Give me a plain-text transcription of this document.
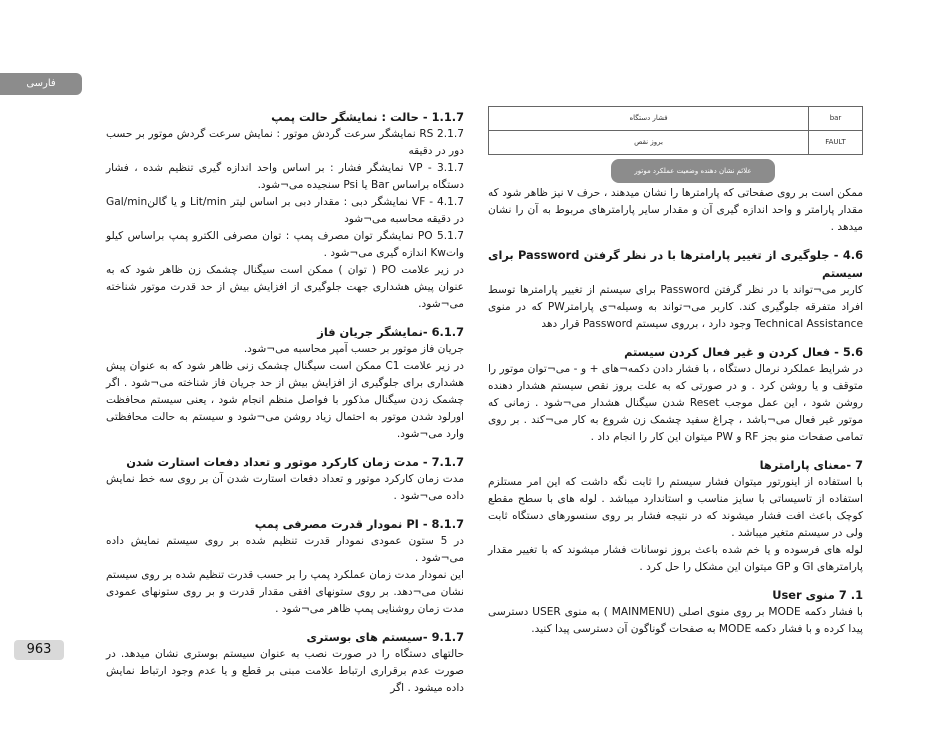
فارسی
1.1.7 - حالت : نمایشگر حالت پمپ

RS 2.1.7 نمایشگر سرعت گردش موتور : نمایش سرعت گردش موتور بر حسب دور در دقیقه

VP - 3.1.7 نمایشگر فشار : بر اساس واحد اندازه گیری تنظیم شده ، فشار دستگاه براساس Bar یا Psi سنجیده می¬شود.

VF - 4.1.7 نمایشگر دبی : مقدار دبی بر اساس لیتر Lit/min و یا گالنGal/min در دقیقه محاسبه می¬شود

PO 5.1.7 نمایشگر توان مصرف پمپ : توان مصرفی الکترو پمپ براساس کیلو واتKw اندازه گیری می¬شود .

در زیر علامت PO ( توان ) ممکن است سیگنال چشمک زن ظاهر شود که به عنوان پیش هشداری جهت جلوگیری از افزایش بیش از حد قدرت موتور شناخته می¬شود.

6.1.7 -نمایشگر جریان فاز

جریان فاز موتور بر حسب آمپر محاسبه می¬شود.

در زیر علامت C1 ممکن است سیگنال چشمک زنی ظاهر شود که به عنوان پیش هشداری برای جلوگیری از افزایش بیش از حد جریان فاز شناخته می¬شود . اگر چشمک زدن سیگنال مذکور با فواصل منظم انجام شود ، یعنی سیستم محافظت اورلود شدن موتور به احتمال زیاد روشن می¬شود و سیستم به حالت محافظتی وارد می¬شود.

7.1.7 - مدت زمان کارکرد موتور و تعداد دفعات استارت شدن

مدت زمان کارکرد موتور و تعداد دفعات استارت شدن آن بر روی سه خط نمایش داده می¬شود .

PI - 8.1.7 نمودار قدرت مصرفی پمپ

در 5 ستون عمودی نمودار قدرت تنظیم شده بر روی سیستم نمایش داده می¬شود .

این نمودار مدت زمان عملکرد پمپ را بر حسب قدرت تنظیم شده بر روی سیستم نشان می¬دهد. بر روی ستونهای افقی مقدار قدرت و بر روی ستونهای عمودی مدت زمان روشنایی پمپ ظاهر می¬شود .

9.1.7 -سیستم های بوستری

حالتهای دستگاه را در صورت نصب به عنوان سیستم بوستری نشان میدهد. در صورت عدم برقراری ارتباط علامت مبنی بر قطع و یا عدم وجود ارتباط نمایش داده میشود . اگر

فشار دستگاه	bar
بروز نقص	FAULT
علائم نشان دهنده وضعیت عملکرد موتور

ممکن است بر روی صفحاتی که پارامترها را نشان میدهند ، حرف v نیز ظاهر شود که مقدار پارامتر و واحد اندازه گیری آن و مقدار سایر پارامترهای مربوط به آن را نشان میدهد .

4.6 - جلوگیری از تغییر پارامترها با در نظر گرفتن Password برای سیستم

کاربر می¬تواند با در نظر گرفتن Password برای سیستم از تغییر پارامترها توسط افراد متفرقه جلوگیری کند. کاربر می¬تواند به وسیله¬ی پارامترPW که در منوی Technical Assistance وجود دارد ، برروی سیستم Password قرار دهد

5.6 - فعال کردن و غیر فعال کردن سیستم

در شرایط عملکرد نرمال دستگاه ، با فشار دادن دکمه¬های + و - می¬توان موتور را متوقف و یا روشن کرد . و در صورتی که به علت بروز نقص سیستم هشدار دهنده روشن شود ، این عمل موجب Reset شدن سیگنال هشدار می¬شود . زمانی که موتور غیر فعال می¬باشد ، چراغ سفید چشمک زن شروع به کار می¬کند . بر روی تمامی صفحات منو بجز RF و PW میتوان این کار را انجام داد .

7 -معنای پارامترها

با استفاده از اینورتور میتوان فشار سیستم را ثابت نگه داشت که این امر مستلزم استفاده از تاسیساتی با سایز مناسب و استاندارد میباشد . لوله های با سطح مقطع کوچک باعث افت فشار میشوند که در نتیجه فشار بر روی سنسورهای دستگاه ثابت ولی در سیستم متغیر میباشد .

لوله های فرسوده و یا خم شده باعث بروز نوسانات فشار میشوند که با تغییر مقدار پارامترهای GI و GP میتوان این مشکل را حل کرد .

1. 7 منوی User

با فشار دکمه MODE بر روی منوی اصلی (MAINMENU ) به منوی USER دسترسی پیدا کرده و با فشار دکمه MODE به صفحات گوناگون آن دسترسی پیدا کنید.

963
